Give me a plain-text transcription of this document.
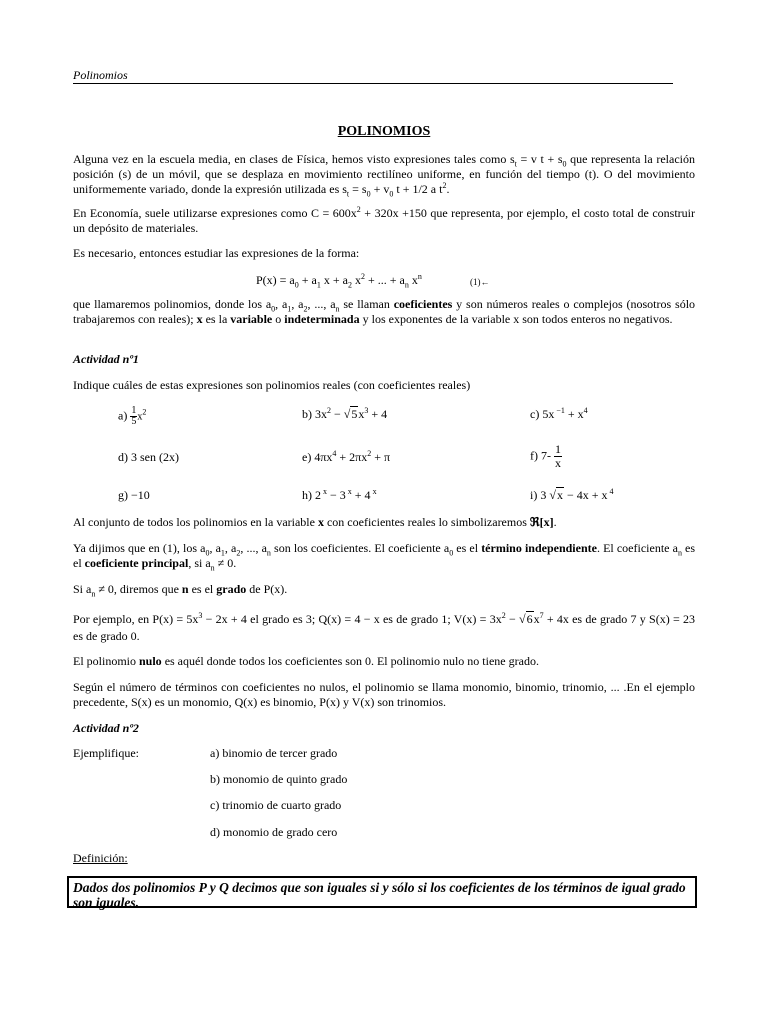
Polinomios
POLINOMIOS
Alguna vez en la escuela media, en clases de Física, hemos visto expresiones tales como $s_t = v$ $t + s_0$ que representa la relación posición (s) de un móvil, que se desplaza en movimiento rectilíneo uniforme, en función del tiempo (t). O del movimiento uniformemente variado, donde la expresión utilizada es $s_t = s_0 + v_0$ t + 1/2 a $t^2$.
En Economía, suele utilizarse expresiones como $C = 600x^2 + 320x +150$ que representa, por ejemplo, el costo total de construir un depósito de materiales.
Es necesario, entonces estudiar las expresiones de la forma:
$P(x) = a_0 + a_1$ $x + a_2$ $x^2$ + ... + $a_n$ $x^n$
(1)←
que llamaremos polinomios, donde los $a_0$, $a_1$, $a_2$, ..., $a_n$ se llaman coeficientes y son números reales o complejos (nosotros sólo trabajaremos con reales); x es la variable o indeterminada y los exponentes de la variable x son todos enteros no negativos.
Actividad nº1
Indique cuáles de estas expresiones son polinomios reales (con coeficientes reales)
$a) \frac{1}{5} x^2$	b) $3x^2 - √5x^3 + 4$	c) 5x $^{-1} + x^4$
d) 3 sen (2x)	e) $4\pi x^4 + 2\pi x^2 + \pi$	f) $7- \frac{1}{x}$
g) −10	h) 2 $^x$ − 3 $^x$ + 4 $^x$	i) 3 √x − 4x + x $^4$
Al conjunto de todos los polinomios en la variable x con coeficientes reales lo simbolizaremos ℜ[x].
Ya dijimos que en (1), los $a_0$, $a_1$, $a_2$, ..., $a_n$ son los coeficientes. El coeficiente $a_0$ es el término independiente. El coeficiente $a_n$ es el coeficiente principal, si $a_n \ne 0$.
Si $a_n \ne 0$, diremos que n es el grado de P(x).
Por ejemplo, en $P(x) = 5x^3 - 2x + 4$ el grado es 3; Q(x) = 4 − x es de grado 1; $V(x) = 3x^2 - √6x^7 + 4x$ es de grado 7 y S(x) = 23 es de grado 0.
El polinomio nulo es aquél donde todos los coeficientes son 0. El polinomio nulo no tiene grado.
Según el número de términos con coeficientes no nulos, el polinomio se llama monomio, binomio, trinomio, ... .En el ejemplo precedente, S(x) es un monomio, Q(x) es binomio, P(x) y V(x) son trinomios.
Actividad nº2
Ejemplifique:	a) binomio de tercer grado
b) monomio de quinto grado
c) trinomio de cuarto grado
d) monomio de grado cero
Definición:
Dados dos polinomios P y Q decimos que son iguales si y sólo si los coeficientes de los términos de igual grado son iguales.
